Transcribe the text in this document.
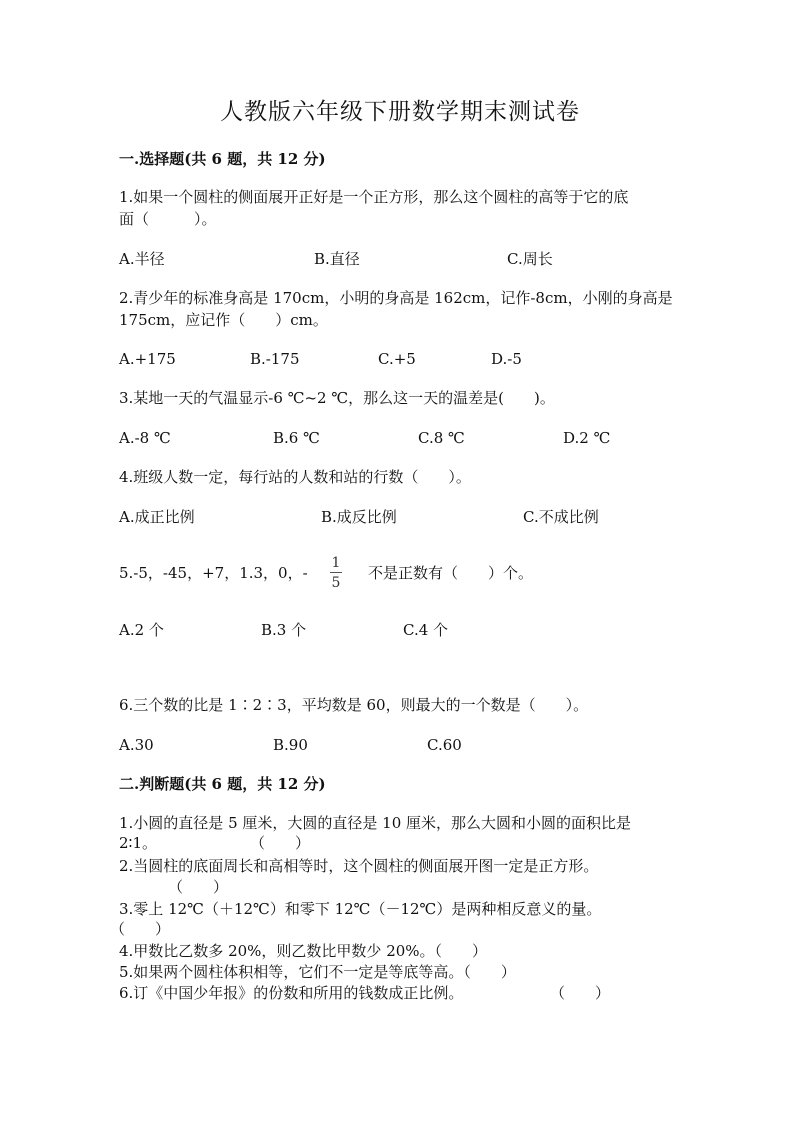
人教版六年级下册数学期末测试卷
一.选择题(共 6 题，共 12 分)
1.如果一个圆柱的侧面展开正好是一个正方形，那么这个圆柱的高等于它的底
面（　　　）。
A.半径	B.直径	C.周长
2.青少年的标准身高是 170cm，小明的身高是 162cm，记作-8cm，小刚的身高是
175cm，应记作（　　）cm。
A.+175	B.-175	C.+5	D.-5
3.某地一天的气温显示-6 ℃~2 ℃，那么这一天的温差是(　　)。
A.-8 ℃	B.6 ℃	C.8 ℃	D.2 ℃
4.班级人数一定，每行站的人数和站的行数（　　）。
A.成正比例	B.成反比例	C.不成比例
5.-5，-45，+7，1.3，0，-
1
5
不是正数有（　　）个。
A.2 个	B.3 个	C.4 个
6.三个数的比是 1∶2∶3，平均数是 60，则最大的一个数是（　　）。
A.30	B.90	C.60
二.判断题(共 6 题，共 12 分)
1.小圆的直径是 5 厘米，大圆的直径是 10 厘米，那么大圆和小圆的面积比是
2∶1。	（　　）
2.当圆柱的底面周长和高相等时，这个圆柱的侧面展开图一定是正方形。
（　　）
3.零上 12℃（＋12℃）和零下 12℃（－12℃）是两种相反意义的量。
（　　）
4.甲数比乙数多 20%，则乙数比甲数少 20%。（　　）
5.如果两个圆柱体积相等，它们不一定是等底等高。（　　）
6.订《中国少年报》的份数和所用的钱数成正比例。	（　　）
